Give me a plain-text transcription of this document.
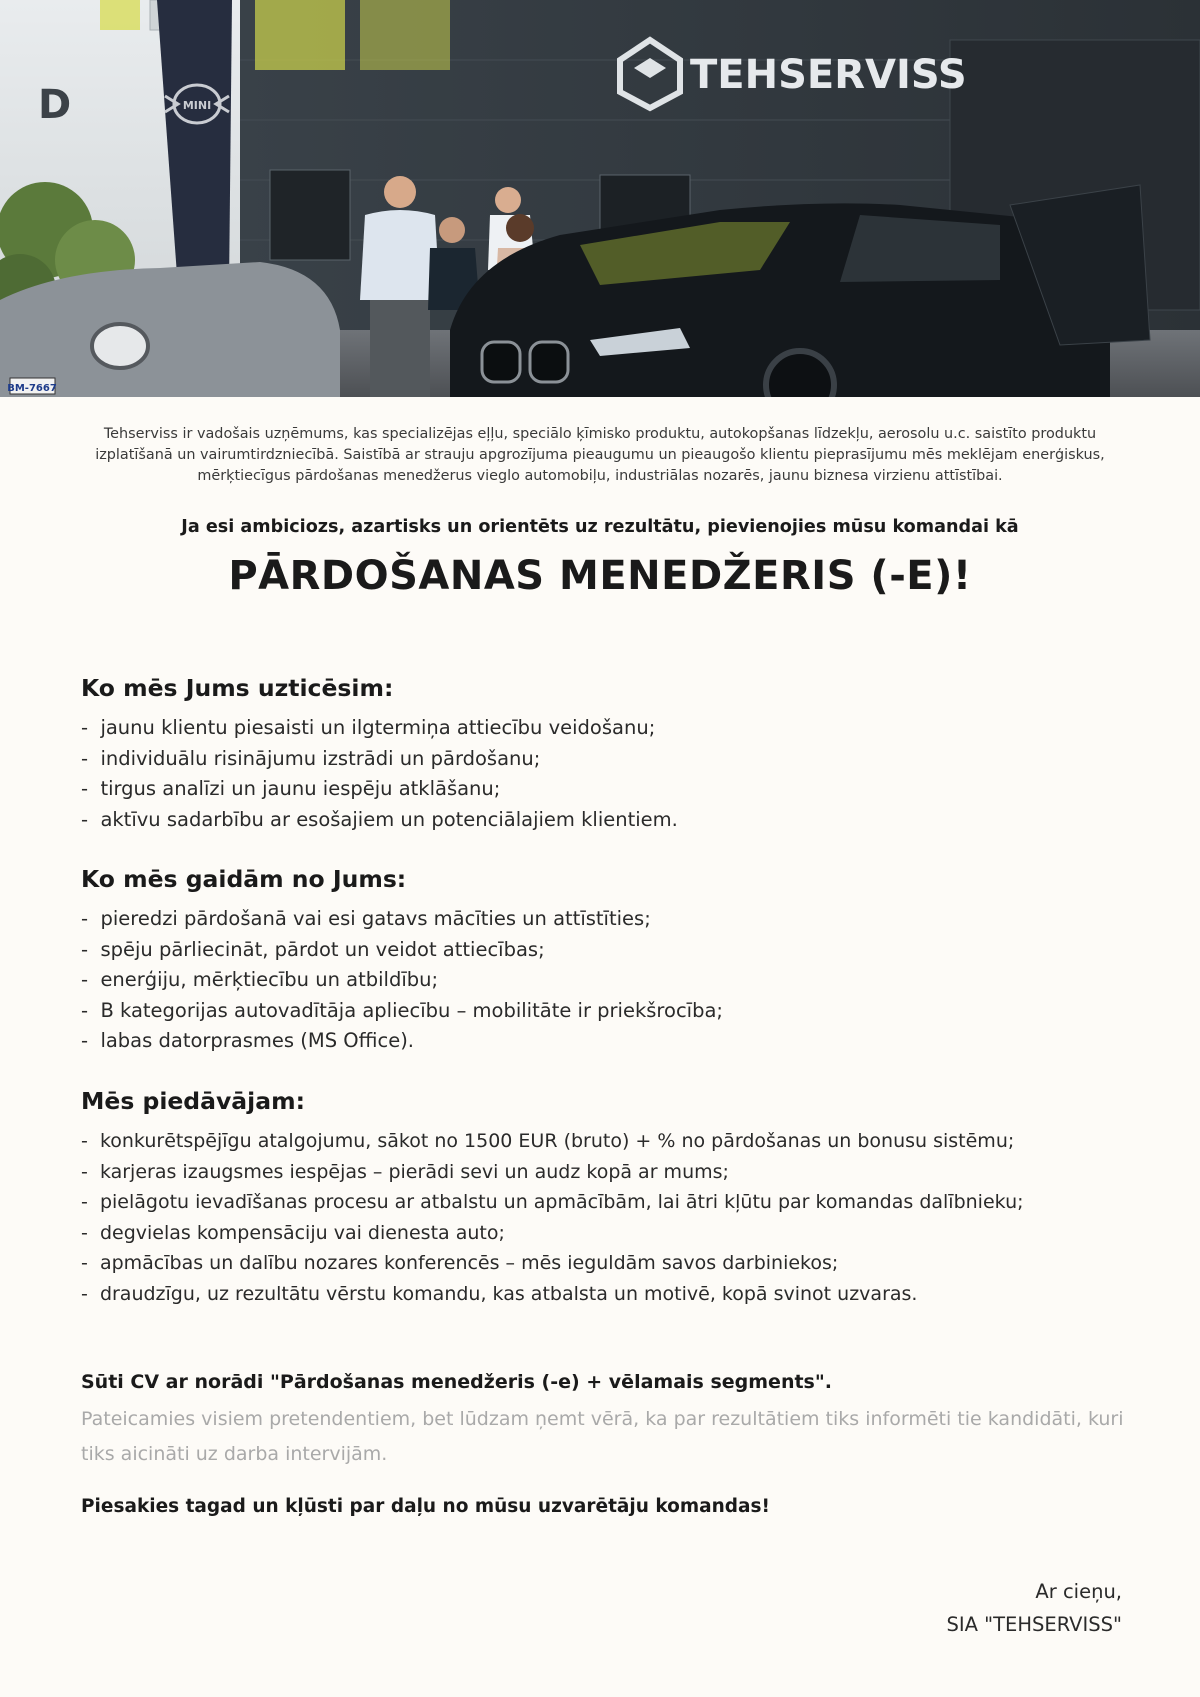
D
TEHSERVISS
MINI
BM-7667

Tehserviss ir vadošais uzņēmums, kas specializējas eļļu, speciālo ķīmisko produktu, autokopšanas līdzekļu, aerosolu u.c. saistīto produktu izplatīšanā un vairumtirdzniecībā. Saistībā ar strauju apgrozījuma pieaugumu un pieaugošo klientu pieprasījumu mēs meklējam enerģiskus, mērķtiecīgus pārdošanas menedžerus vieglo automobiļu, industriālas nozarēs, jaunu biznesa virzienu attīstībai.

Ja esi ambiciozs, azartisks un orientēts uz rezultātu, pievienojies mūsu komandai kā

PĀRDOŠANAS MENEDŽERIS (-E)!
Ko mēs Jums uzticēsim:
- jaunu klientu piesaisti un ilgtermiņa attiecību veidošanu;
- individuālu risinājumu izstrādi un pārdošanu;
- tirgus analīzi un jaunu iespēju atklāšanu;
- aktīvu sadarbību ar esošajiem un potenciālajiem klientiem.
Ko mēs gaidām no Jums:
- pieredzi pārdošanā vai esi gatavs mācīties un attīstīties;
- spēju pārliecināt, pārdot un veidot attiecības;
- enerģiju, mērķtiecību un atbildību;
- B kategorijas autovadītāja apliecību – mobilitāte ir priekšrocība;
- labas datorprasmes (MS Office).
Mēs piedāvājam:
- konkurētspējīgu atalgojumu, sākot no 1500 EUR (bruto) + % no pārdošanas un bonusu sistēmu;
- karjeras izaugsmes iespējas – pierādi sevi un audz kopā ar mums;
- pielāgotu ievadīšanas procesu ar atbalstu un apmācībām, lai ātri kļūtu par komandas dalībnieku;
- degvielas kompensāciju vai dienesta auto;
- apmācības un dalību nozares konferencēs – mēs ieguldām savos darbiniekos;
- draudzīgu, uz rezultātu vērstu komandu, kas atbalsta un motivē, kopā svinot uzvaras.

Sūti CV ar norādi "Pārdošanas menedžeris (-e) + vēlamais segments".

Pateicamies visiem pretendentiem, bet lūdzam ņemt vērā, ka par rezultātiem tiks informēti tie kandidāti, kuri tiks aicināti uz darba intervijām.

Piesakies tagad un kļūsti par daļu no mūsu uzvarētāju komandas!

Ar cieņu,
SIA "TEHSERVISS"
